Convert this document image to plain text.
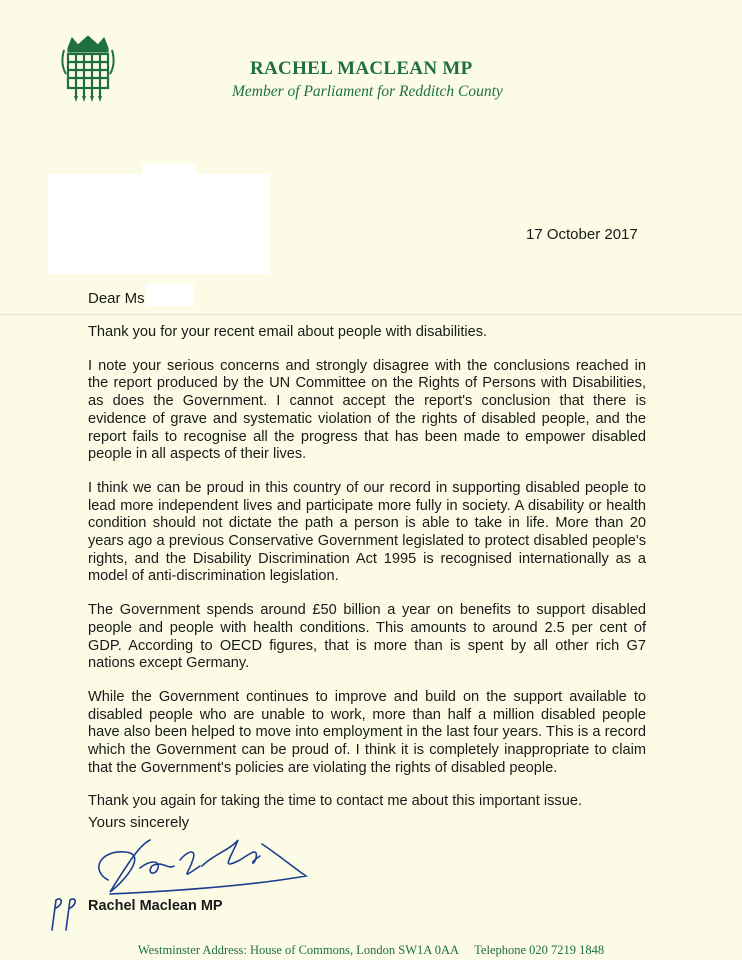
RACHEL MACLEAN MP
Member of Parliament for Redditch County
17 October 2017
Dear Ms

Thank you for your recent email about people with disabilities.

I note your serious concerns and strongly disagree with the conclusions reached in the report produced by the UN Committee on the Rights of Persons with Disabilities, as does the Government. I cannot accept the report's conclusion that there is evidence of grave and systematic violation of the rights of disabled people, and the report fails to recognise all the progress that has been made to empower disabled people in all aspects of their lives.

I think we can be proud in this country of our record in supporting disabled people to lead more independent lives and participate more fully in society. A disability or health condition should not dictate the path a person is able to take in life. More than 20 years ago a previous Conservative Government legislated to protect disabled people's rights, and the Disability Discrimination Act 1995 is recognised internationally as a model of anti-discrimination legislation.

The Government spends around £50 billion a year on benefits to support disabled people and people with health conditions. This amounts to around 2.5 per cent of GDP. According to OECD figures, that is more than is spent by all other rich G7 nations except Germany.

While the Government continues to improve and build on the support available to disabled people who are unable to work, more than half a million disabled people have also been helped to move into employment in the last four years. This is a record which the Government can be proud of. I think it is completely inappropriate to claim that the Government's policies are violating the rights of disabled people.

Thank you again for taking the time to contact me about this important issue.

Yours sincerely
Rachel Maclean MP
Westminster Address: House of Commons, London SW1A 0AA Telephone 020 7219 1848
